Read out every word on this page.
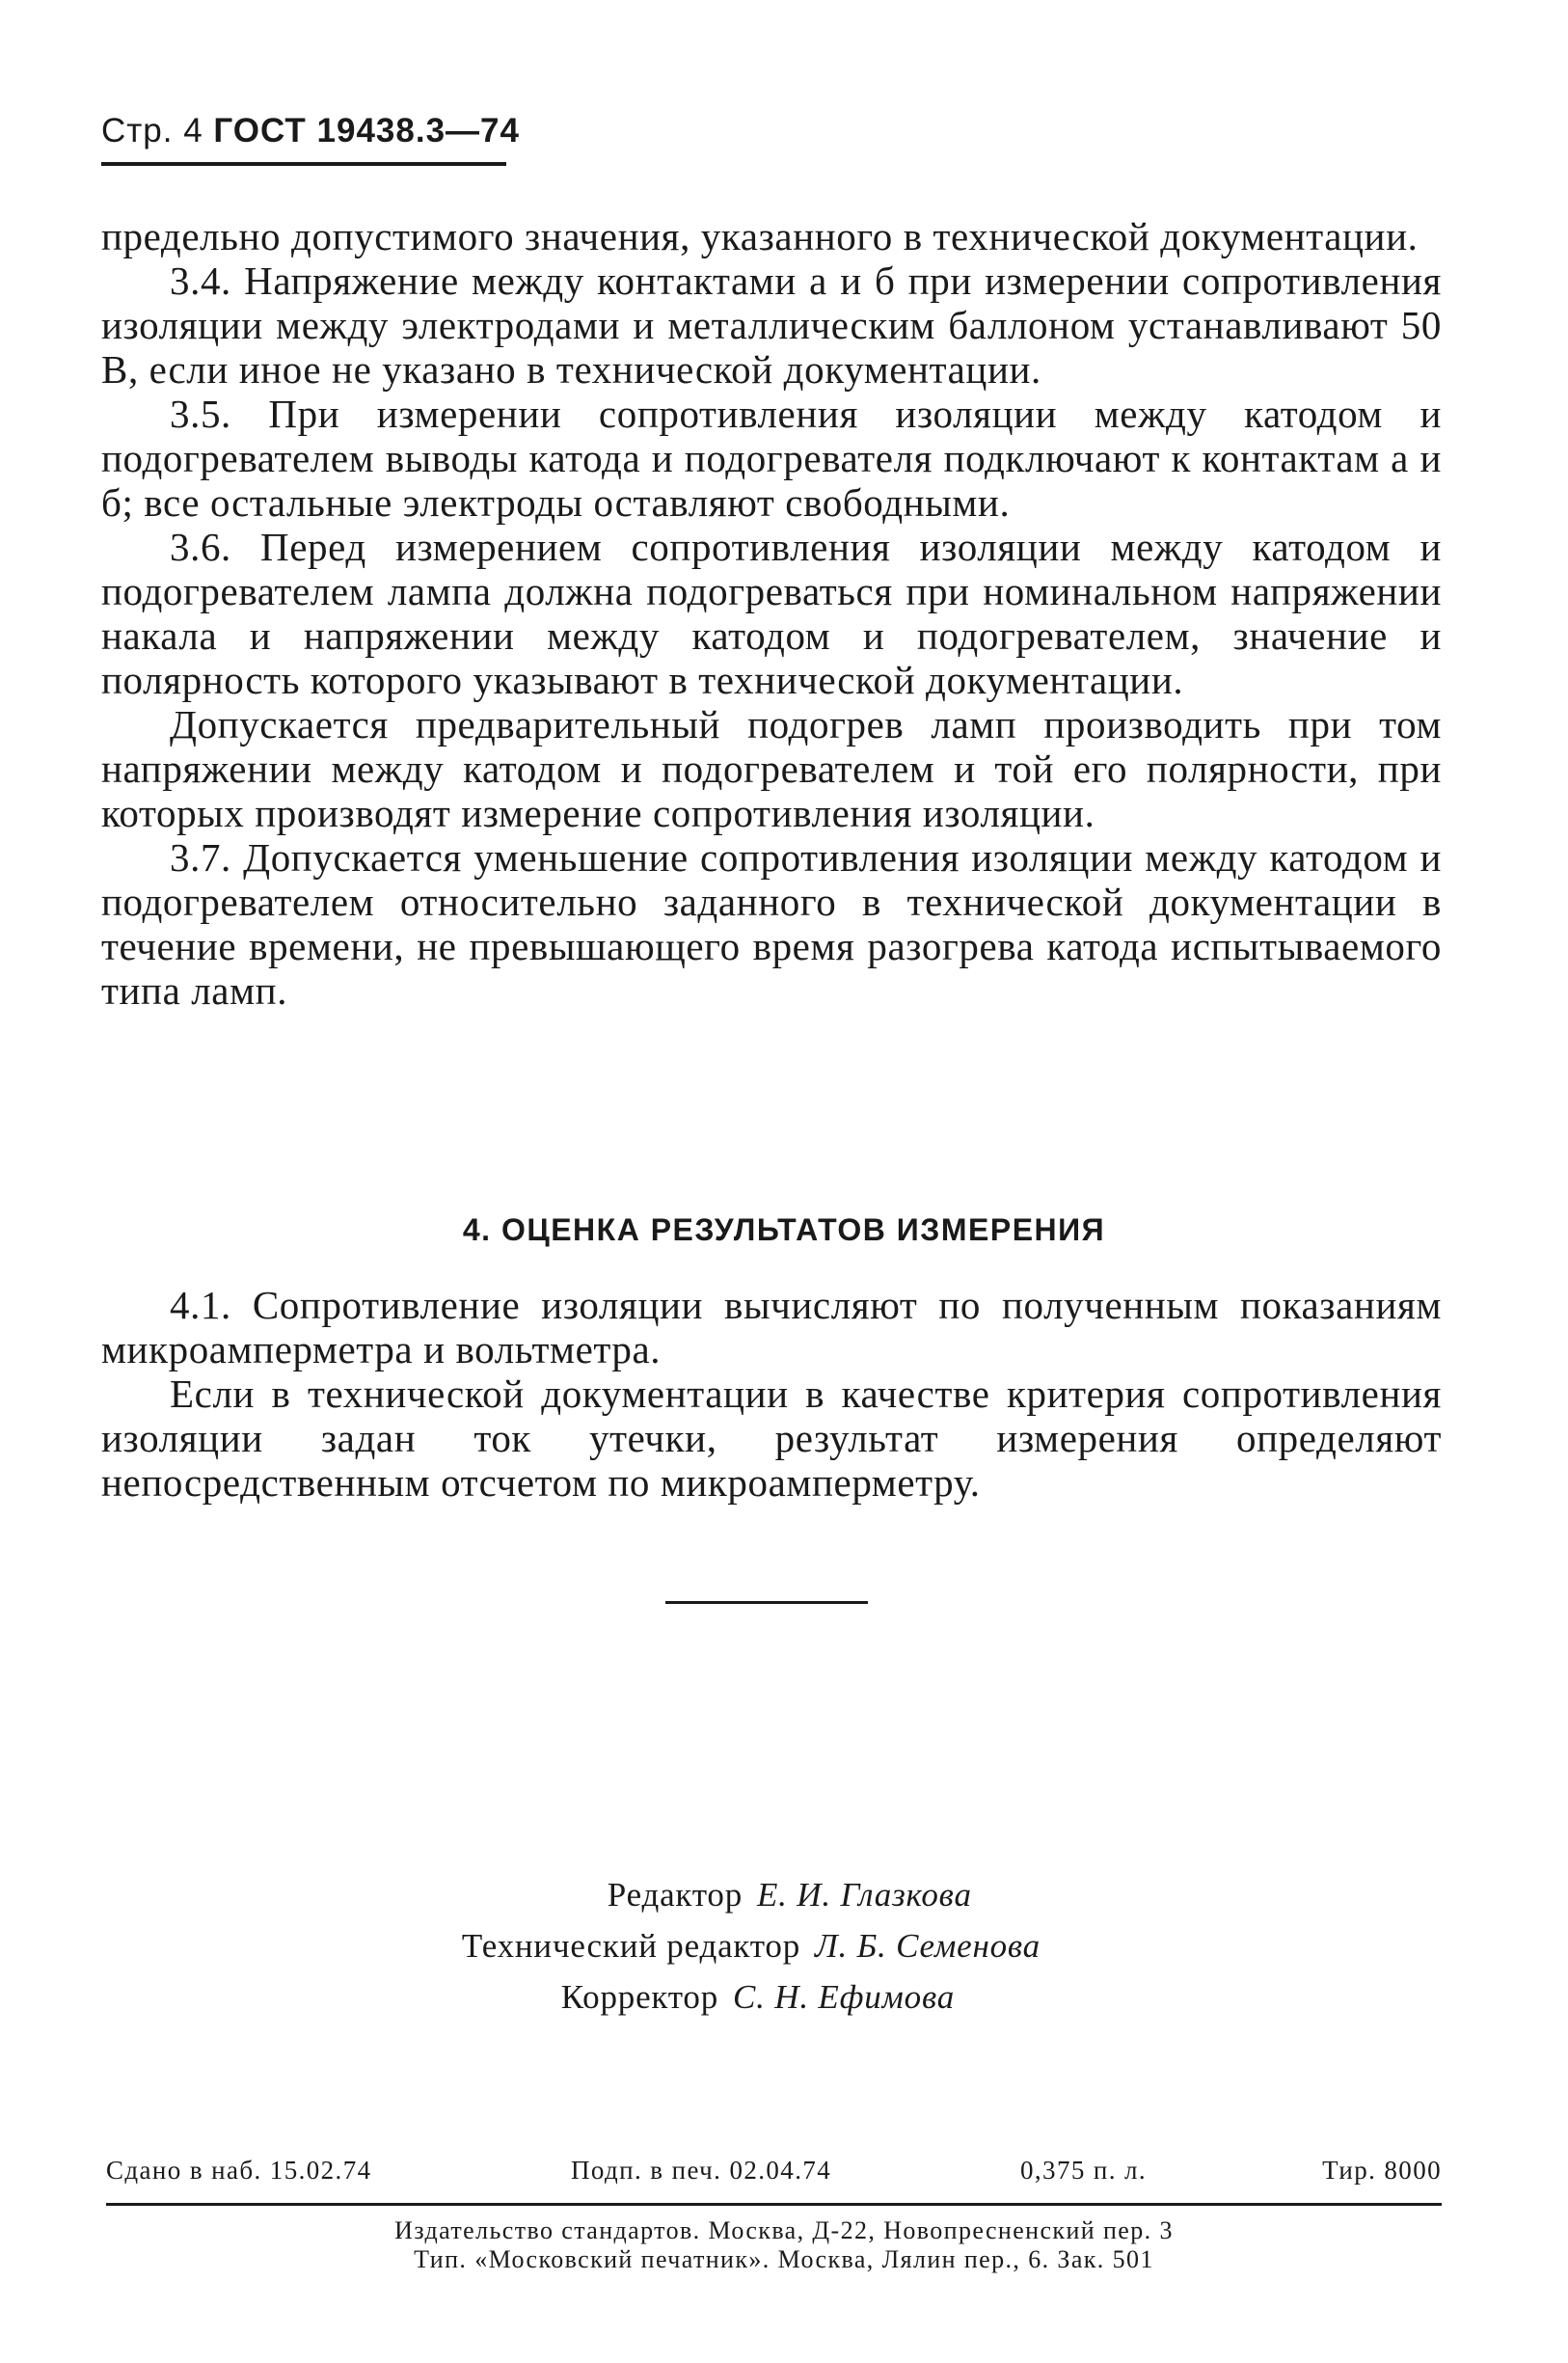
Стр. 4 ГОСТ 19438.3—74

предельно допустимого значения, указанного в технической документации.

3.4. Напряжение между контактами а и б при измерении сопротивления изоляции между электродами и металлическим баллоном устанавливают 50 В, если иное не указано в технической документации.

3.5. При измерении сопротивления изоляции между катодом и подогревателем выводы катода и подогревателя подключают к контактам а и б; все остальные электроды оставляют свободными.

3.6. Перед измерением сопротивления изоляции между катодом и подогревателем лампа должна подогреваться при номинальном напряжении накала и напряжении между катодом и подогревателем, значение и полярность которого указывают в технической документации.

Допускается предварительный подогрев ламп производить при том напряжении между катодом и подогревателем и той его полярности, при которых производят измерение сопротивления изоляции.

3.7. Допускается уменьшение сопротивления изоляции между катодом и подогревателем относительно заданного в технической документации в течение времени, не превышающего время разогрева катода испытываемого типа ламп.

4. ОЦЕНКА РЕЗУЛЬТАТОВ ИЗМЕРЕНИЯ

4.1. Сопротивление изоляции вычисляют по полученным показаниям микроамперметра и вольтметра.

Если в технической документации в качестве критерия сопротивления изоляции задан ток утечки, результат измерения определяют непосредственным отсчетом по микроамперметру.

Редактор Е. И. Глазкова
Технический редактор Л. Б. Семенова
Корректор С. Н. Ефимова
Сдано в наб. 15.02.74	Подп. в печ. 02.04.74	0,375 п. л.	Тир. 8000
Издательство стандартов. Москва, Д-22, Новопресненский пер. 3
Тип. «Московский печатник». Москва, Лялин пер., 6. Зак. 501
